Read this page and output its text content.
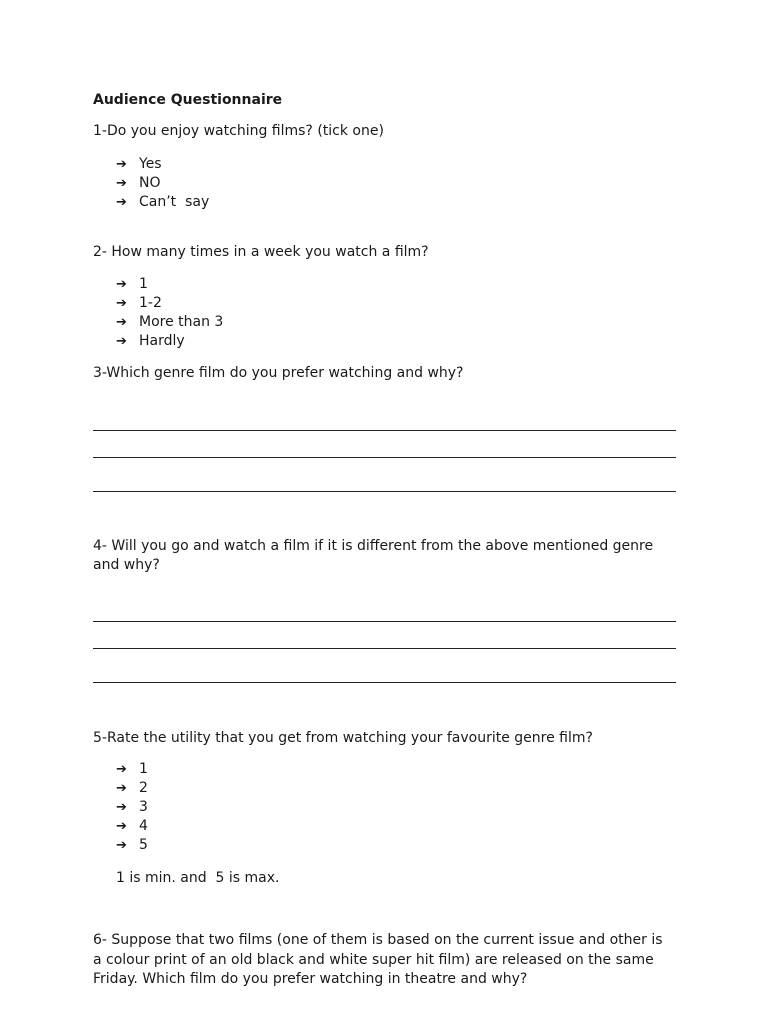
Audience Questionnaire
1-Do you enjoy watching films? (tick one)
➔ Yes
➔ NO
➔ Can’t  say
2- How many times in a week you watch a film?
➔ 1
➔ 1-2
➔ More than 3
➔ Hardly
3-Which genre film do you prefer watching and why?
4- Will you go and watch a film if it is different from the above mentioned genre
and why?
5-Rate the utility that you get from watching your favourite genre film?
➔ 1
➔ 2
➔ 3
➔ 4
➔ 5
1 is min. and  5 is max.
6- Suppose that two films (one of them is based on the current issue and other is
a colour print of an old black and white super hit film) are released on the same
Friday. Which film do you prefer watching in theatre and why?
